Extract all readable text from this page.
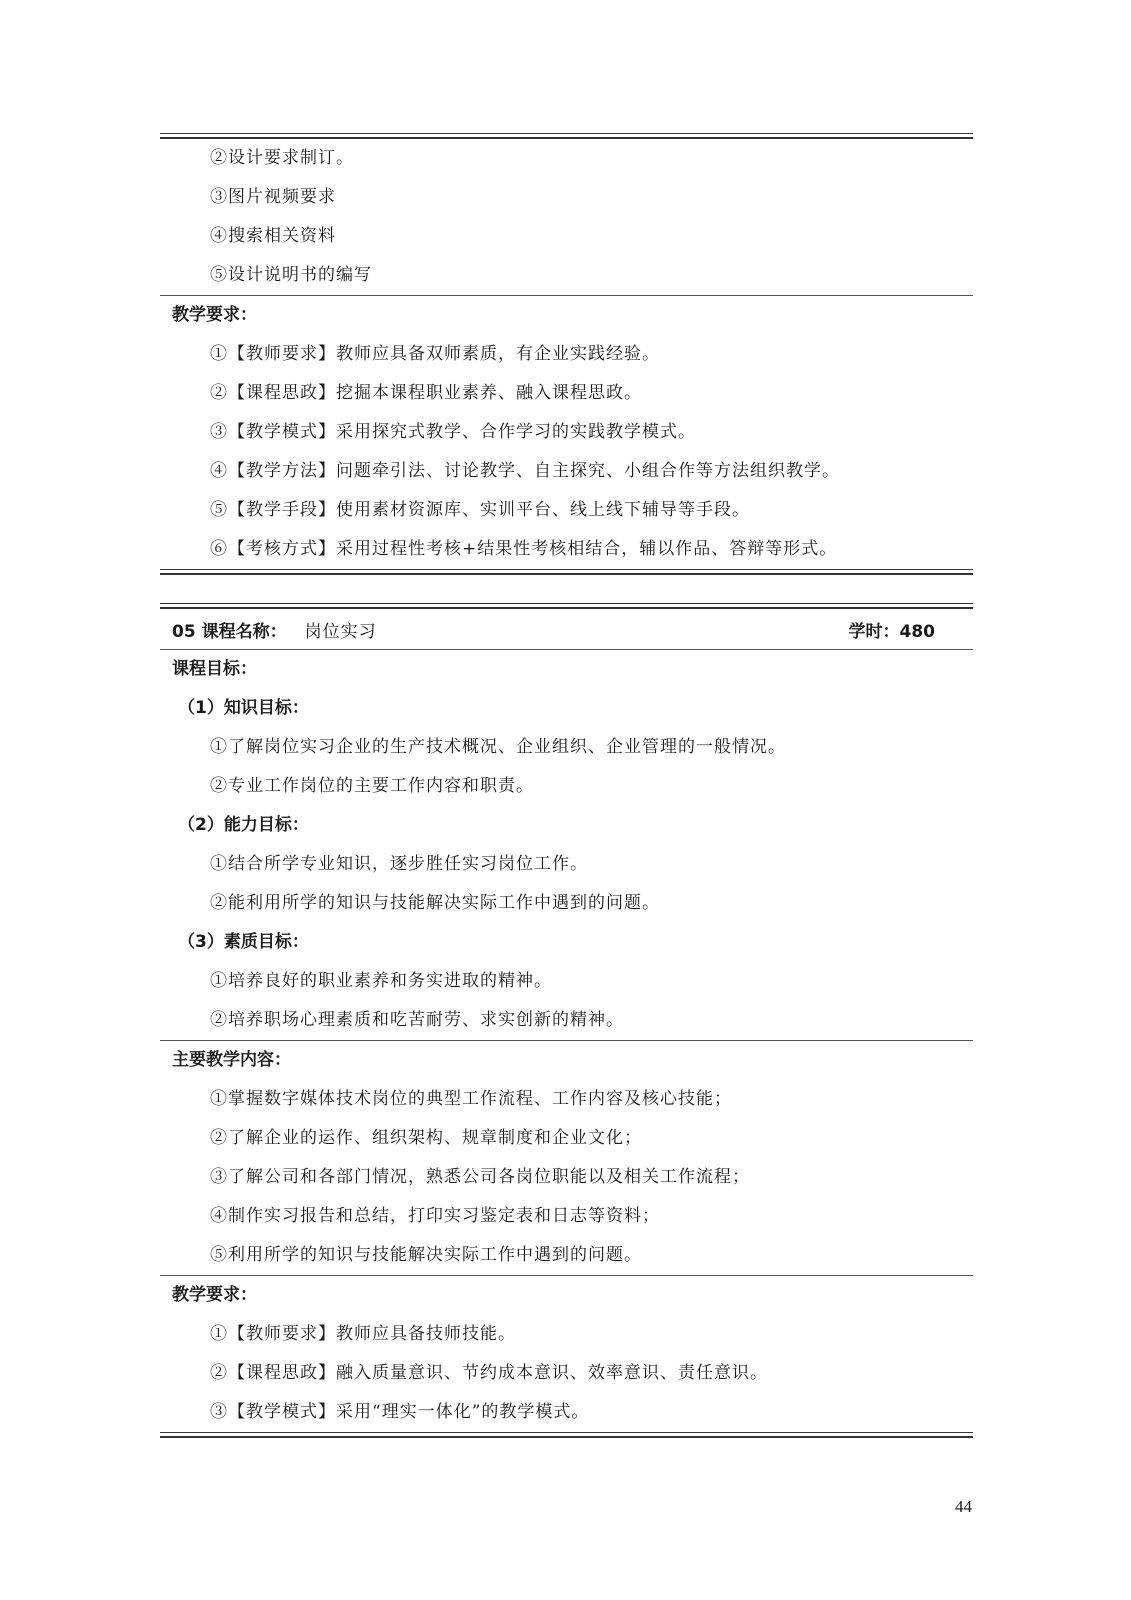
②设计要求制订。
③图片视频要求
④搜索相关资料
⑤设计说明书的编写
教学要求：
①【教师要求】教师应具备双师素质，有企业实践经验。
②【课程思政】挖掘本课程职业素养、融入课程思政。
③【教学模式】采用探究式教学、合作学习的实践教学模式。
④【教学方法】问题牵引法、讨论教学、自主探究、小组合作等方法组织教学。
⑤【教学手段】使用素材资源库、实训平台、线上线下辅导等手段。
⑥【考核方式】采用过程性考核+结果性考核相结合，辅以作品、答辩等形式。
05 课程名称： 岗位实习	学时：480
课程目标：
（1）知识目标：
①了解岗位实习企业的生产技术概况、企业组织、企业管理的一般情况。
②专业工作岗位的主要工作内容和职责。
（2）能力目标：
①结合所学专业知识，逐步胜任实习岗位工作。
②能利用所学的知识与技能解决实际工作中遇到的问题。
（3）素质目标：
①培养良好的职业素养和务实进取的精神。
②培养职场心理素质和吃苦耐劳、求实创新的精神。
主要教学内容：
①掌握数字媒体技术岗位的典型工作流程、工作内容及核心技能；
②了解企业的运作、组织架构、规章制度和企业文化；
③了解公司和各部门情况，熟悉公司各岗位职能以及相关工作流程；
④制作实习报告和总结，打印实习鉴定表和日志等资料；
⑤利用所学的知识与技能解决实际工作中遇到的问题。
教学要求：
①【教师要求】教师应具备技师技能。
②【课程思政】融入质量意识、节约成本意识、效率意识、责任意识。
③【教学模式】采用“理实一体化”的教学模式。
44
